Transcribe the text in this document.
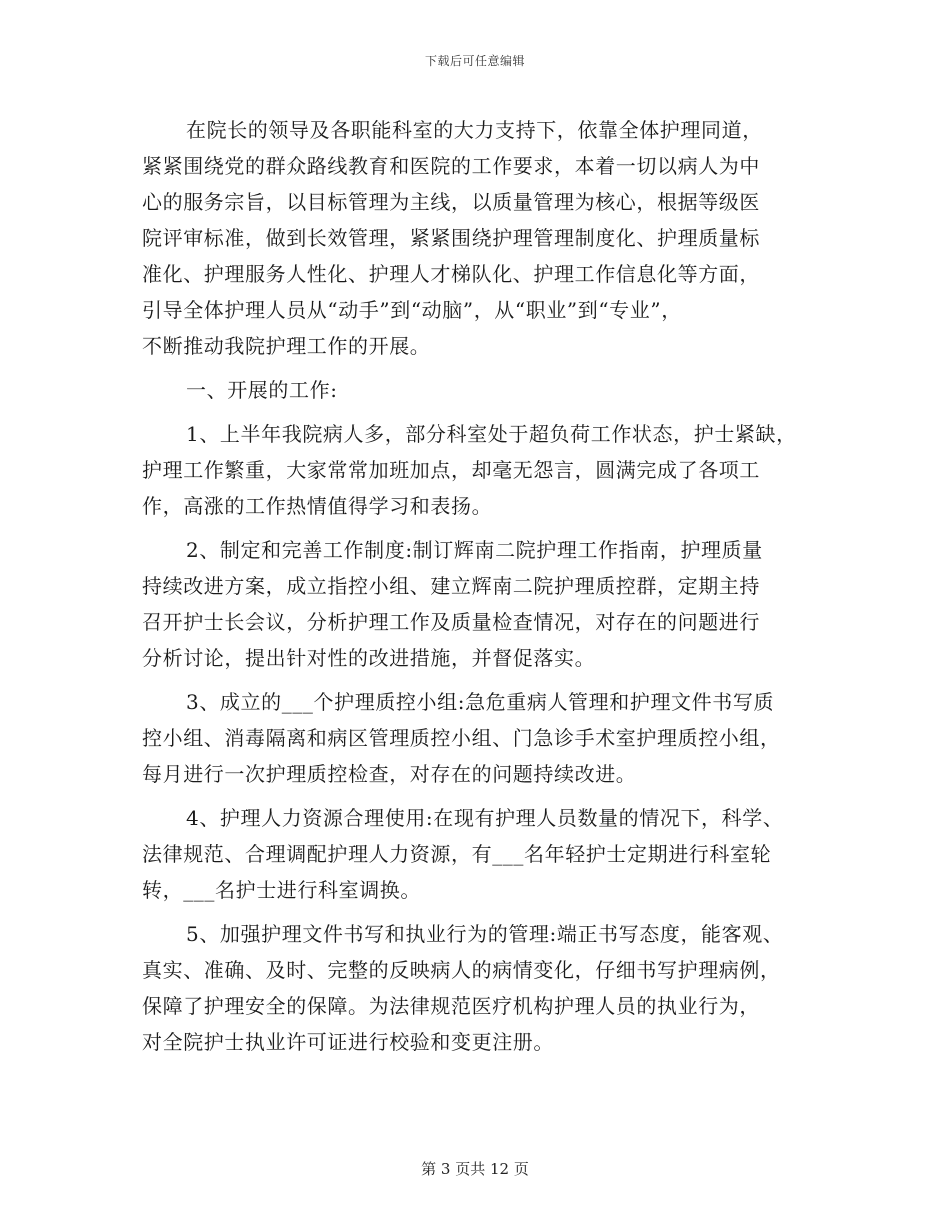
下载后可任意编辑
在院长的领导及各职能科室的大力支持下，依靠全体护理同道，
紧紧围绕党的群众路线教育和医院的工作要求，本着一切以病人为中
心的服务宗旨，以目标管理为主线，以质量管理为核心，根据等级医
院评审标准，做到长效管理，紧紧围绕护理管理制度化、护理质量标
准化、护理服务人性化、护理人才梯队化、护理工作信息化等方面，
引导全体护理人员从“动手”到“动脑”，从“职业”到“专业”，
不断推动我院护理工作的开展。
一、开展的工作:
1、上半年我院病人多，部分科室处于超负荷工作状态，护士紧缺，
护理工作繁重，大家常常加班加点，却毫无怨言，圆满完成了各项工
作，高涨的工作热情值得学习和表扬。
2、制定和完善工作制度:制订辉南二院护理工作指南，护理质量
持续改进方案，成立指控小组、建立辉南二院护理质控群，定期主持
召开护士长会议，分析护理工作及质量检查情况，对存在的问题进行
分析讨论，提出针对性的改进措施，并督促落实。
3、成立的___个护理质控小组:急危重病人管理和护理文件书写质
控小组、消毒隔离和病区管理质控小组、门急诊手术室护理质控小组，
每月进行一次护理质控检查，对存在的问题持续改进。
4、护理人力资源合理使用:在现有护理人员数量的情况下，科学、
法律规范、合理调配护理人力资源，有___名年轻护士定期进行科室轮
转，___名护士进行科室调换。
5、加强护理文件书写和执业行为的管理:端正书写态度，能客观、
真实、准确、及时、完整的反映病人的病情变化，仔细书写护理病例，
保障了护理安全的保障。为法律规范医疗机构护理人员的执业行为，
对全院护士执业许可证进行校验和变更注册。
第 3 页共 12 页
